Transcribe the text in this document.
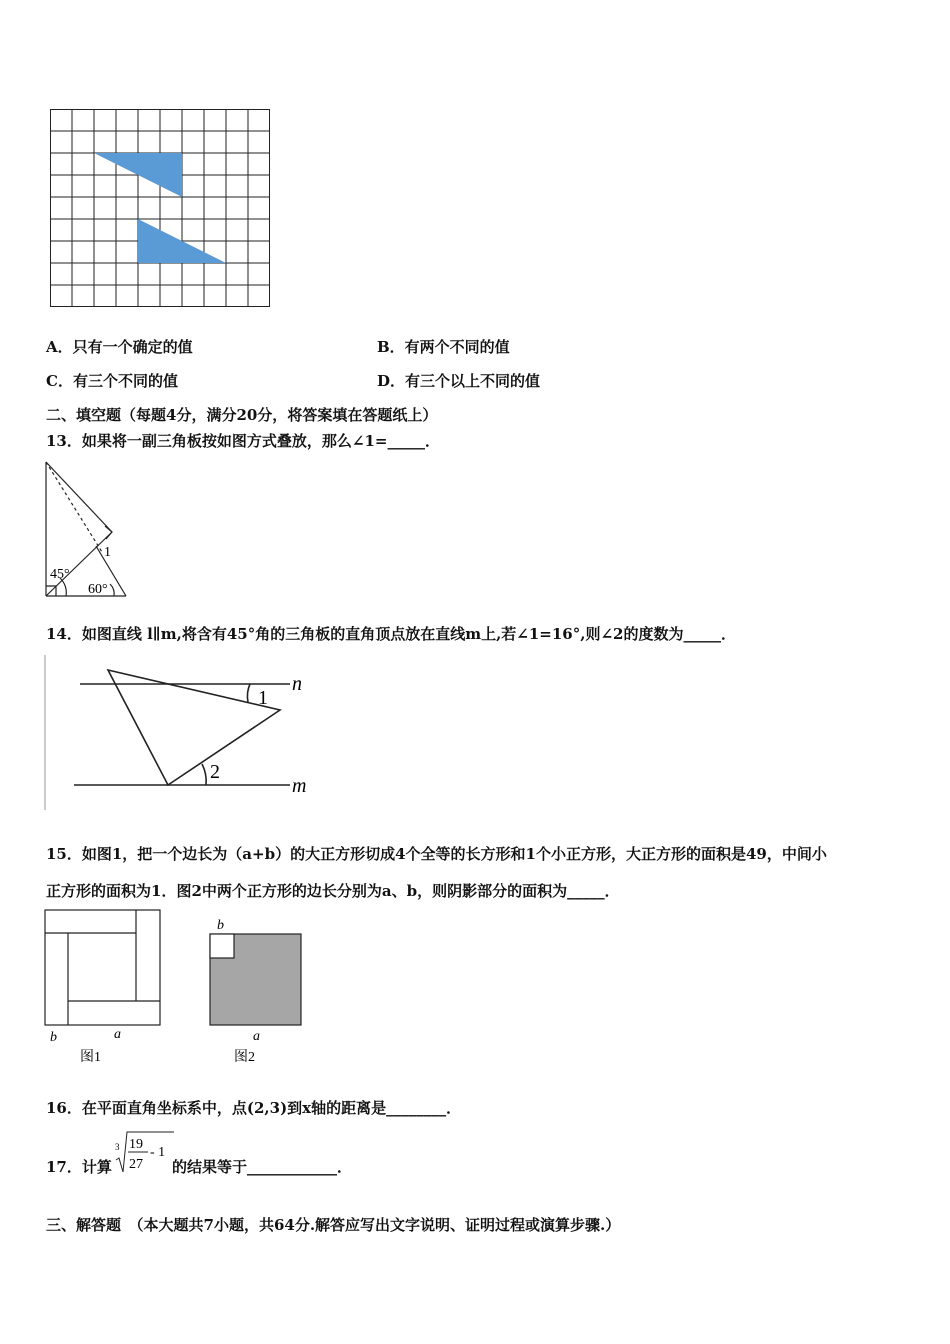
A．只有一个确定的值	B．有两个不同的值
C．有三个不同的值	D．有三个以上不同的值
二、填空题（每题4分，满分20分，将答案填在答题纸上）
13．如果将一副三角板按如图方式叠放，那么∠1=_____．
45°
60°
1
14．如图直线 l∥m,将含有45°角的三角板的直角顶点放在直线m上,若∠1=16°,则∠2的度数为_____．
n
m
1
2
15．如图1，把一个边长为（a+b）的大正方形切成4个全等的长方形和1个小正方形，大正方形的面积是49，中间小
正方形的面积为1．图2中两个正方形的边长分别为a、b，则阴影部分的面积为_____．
b	a
图1
b
a
图2
16．在平面直角坐标系中，点(2,3)到x轴的距离是________．
17．计算
3 19
27
- 1
的结果等于____________．
三、解答题　（本大题共7小题，共64分.解答应写出文字说明、证明过程或演算步骤.）
